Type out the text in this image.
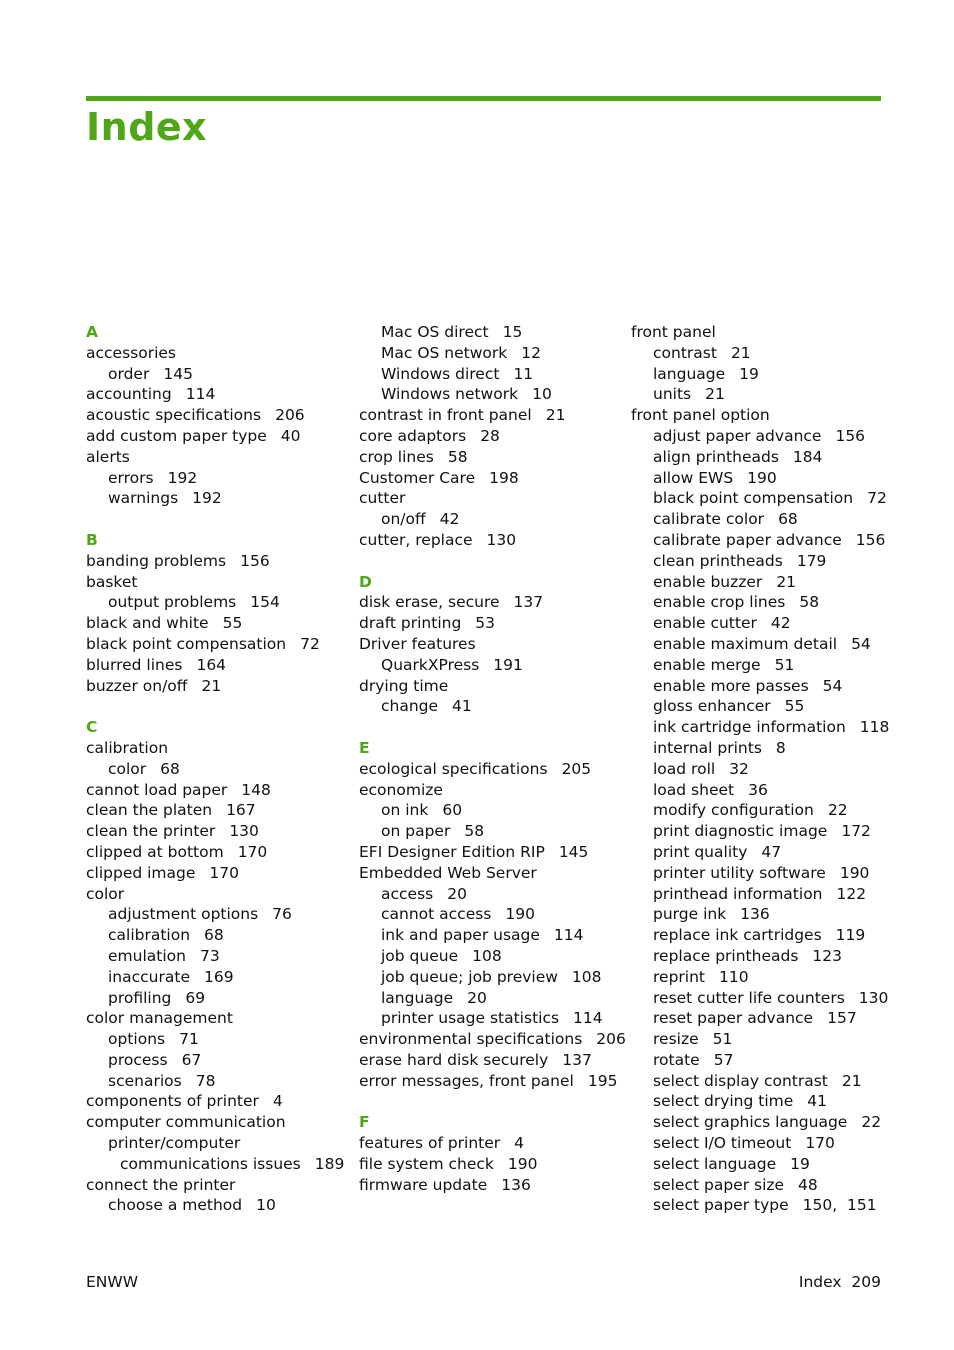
Index
A
accessories
order 145
accounting 114
acoustic specifications 206
add custom paper type 40
alerts
errors 192
warnings 192
B
banding problems 156
basket
output problems 154
black and white 55
black point compensation 72
blurred lines 164
buzzer on/off 21
C
calibration
color 68
cannot load paper 148
clean the platen 167
clean the printer 130
clipped at bottom 170
clipped image 170
color
adjustment options 76
calibration 68
emulation 73
inaccurate 169
profiling 69
color management
options 71
process 67
scenarios 78
components of printer 4
computer communication
printer/computer
communications issues 189
connect the printer
choose a method 10
Mac OS direct 15
Mac OS network 12
Windows direct 11
Windows network 10
contrast in front panel 21
core adaptors 28
crop lines 58
Customer Care 198
cutter
on/off 42
cutter, replace 130
D
disk erase, secure 137
draft printing 53
Driver features
QuarkXPress 191
drying time
change 41
E
ecological specifications 205
economize
on ink 60
on paper 58
EFI Designer Edition RIP 145
Embedded Web Server
access 20
cannot access 190
ink and paper usage 114
job queue 108
job queue; job preview 108
language 20
printer usage statistics 114
environmental specifications 206
erase hard disk securely 137
error messages, front panel 195
F
features of printer 4
file system check 190
firmware update 136
front panel
contrast 21
language 19
units 21
front panel option
adjust paper advance 156
align printheads 184
allow EWS 190
black point compensation 72
calibrate color 68
calibrate paper advance 156
clean printheads 179
enable buzzer 21
enable crop lines 58
enable cutter 42
enable maximum detail 54
enable merge 51
enable more passes 54
gloss enhancer 55
ink cartridge information 118
internal prints 8
load roll 32
load sheet 36
modify configuration 22
print diagnostic image 172
print quality 47
printer utility software 190
printhead information 122
purge ink 136
replace ink cartridges 119
replace printheads 123
reprint 110
reset cutter life counters 130
reset paper advance 157
resize 51
rotate 57
select display contrast 21
select drying time 41
select graphics language 22
select I/O timeout 170
select language 19
select paper size 48
select paper type 150,  151
ENWW	Index  209
